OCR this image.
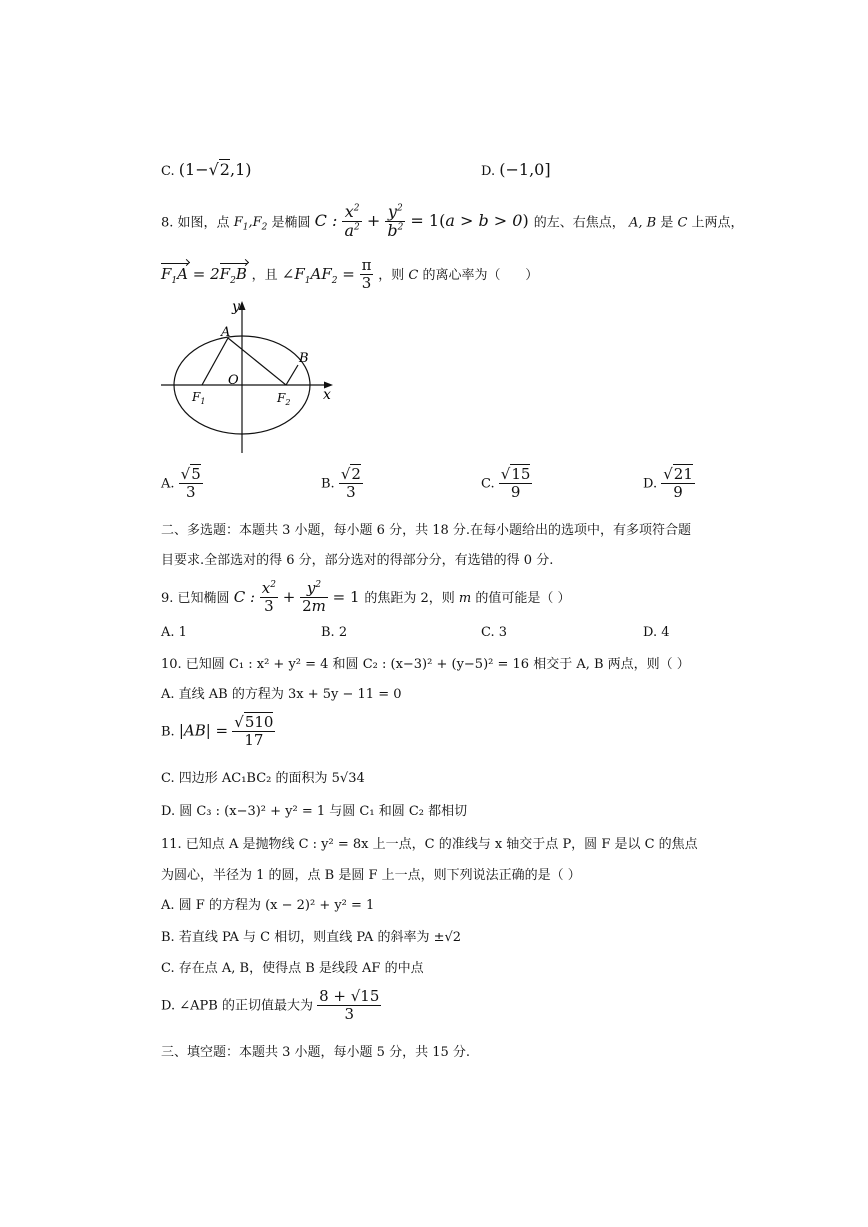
C. (1−√2,1)	D. (−1,0]
8. 如图，点 $F_1,F_2$ 是椭圆 C : $\frac{x^2}{a^2} + \frac{y^2}{b^2} = 1(a > b > 0)$ 的左、右焦点， A, B 是 C 上两点，
$F_1A = 2F_2B$ ，且 $\angle F_1AF_2 = \frac{\pi}{3}$ ，则 C 的离心率为（      ）
y
x
O
A
B
$F_1$	$F_2$
A. $\frac{√5}{3}$	B. $\frac{√2}{3}$	C. $\frac{√15}{9}$	D. $\frac{√21}{9}$
二、多选题：本题共 3 小题，每小题 6 分，共 18 分.在每小题给出的选项中，有多项符合题
目要求.全部选对的得 6 分，部分选对的得部分分，有选错的得 0 分.
9. 已知椭圆 C : $\frac{x^2}{3} + \frac{y^2}{2m} = 1$ 的焦距为 2，则 m 的值可能是（ ）
A. 1	B. 2	C. 3	D. 4
10. 已知圆 C₁ : x² + y² = 4 和圆 C₂ : (x−3)² + (y−5)² = 16 相交于 A, B 两点，则（ ）
A. 直线 AB 的方程为 3x + 5y − 11 = 0
B. $|AB| = \frac{√510}{17}$
C. 四边形 AC₁BC₂ 的面积为 5√34
D. 圆 C₃ : (x−3)² + y² = 1 与圆 C₁ 和圆 C₂ 都相切
11. 已知点 A 是抛物线 C : y² = 8x 上一点，C 的准线与 x 轴交于点 P，圆 F 是以 C 的焦点
为圆心，半径为 1 的圆，点 B 是圆 F 上一点，则下列说法正确的是（ ）
A. 圆 F 的方程为 (x − 2)² + y² = 1
B. 若直线 PA 与 C 相切，则直线 PA 的斜率为 ±√2
C. 存在点 A, B，使得点 B 是线段 AF 的中点
D. ∠APB 的正切值最大为 $\frac{8 + √15}{3}$
三、填空题：本题共 3 小题，每小题 5 分，共 15 分.
